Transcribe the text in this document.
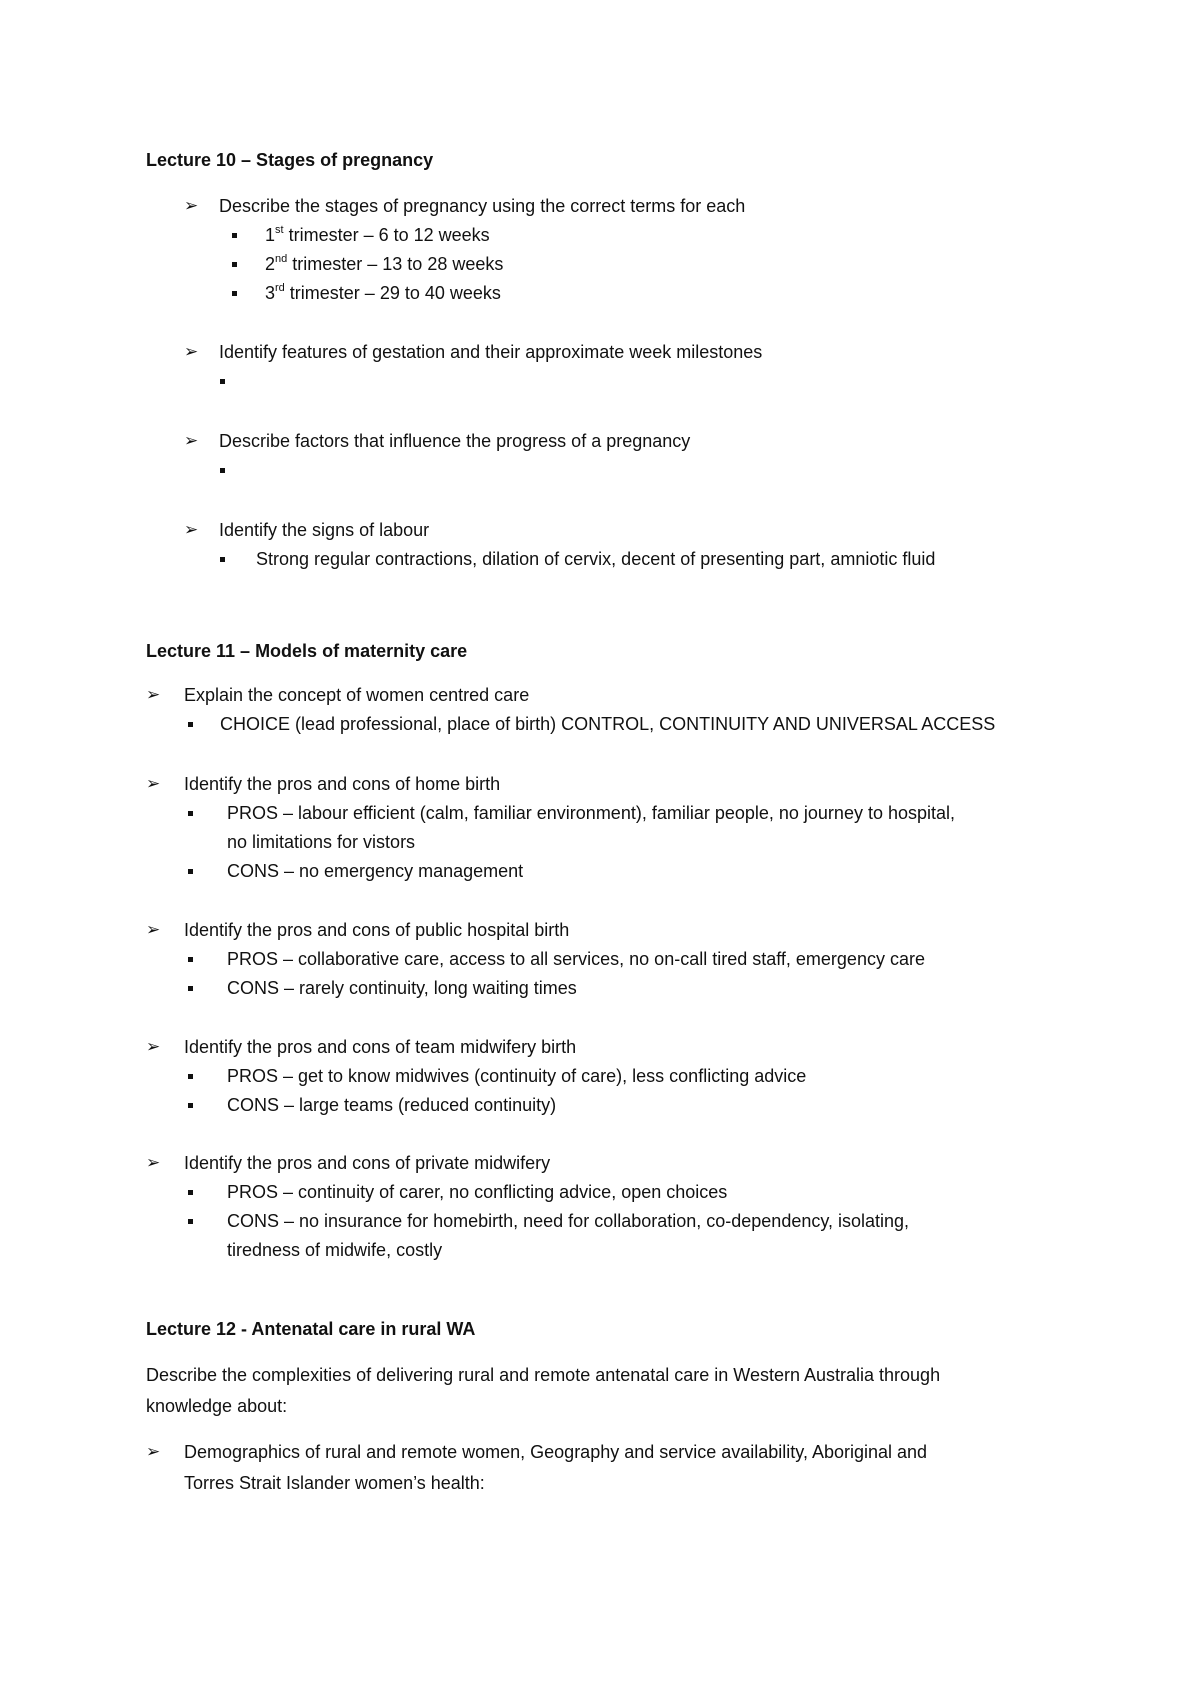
Lecture 10 – Stages of pregnancy
➢ Describe the stages of pregnancy using the correct terms for each
1st trimester – 6 to 12 weeks
2nd trimester – 13 to 28 weeks
3rd trimester – 29 to 40 weeks
➢ Identify features of gestation and their approximate week milestones
➢ Describe factors that influence the progress of a pregnancy
➢ Identify the signs of labour
Strong regular contractions, dilation of cervix, decent of presenting part, amniotic fluid
Lecture 11 – Models of maternity care
➢ Explain the concept of women centred care
CHOICE (lead professional, place of birth) CONTROL, CONTINUITY AND UNIVERSAL ACCESS
➢ Identify the pros and cons of home birth
PROS – labour efficient (calm, familiar environment), familiar people, no journey to hospital,
no limitations for vistors
CONS – no emergency management
➢ Identify the pros and cons of public hospital birth
PROS – collaborative care, access to all services, no on-call tired staff, emergency care
CONS – rarely continuity, long waiting times
➢ Identify the pros and cons of team midwifery birth
PROS – get to know midwives (continuity of care), less conflicting advice
CONS – large teams (reduced continuity)
➢ Identify the pros and cons of private midwifery
PROS – continuity of carer, no conflicting advice, open choices
CONS – no insurance for homebirth, need for collaboration, co-dependency, isolating,
tiredness of midwife, costly
Lecture 12 - Antenatal care in rural WA
Describe the complexities of delivering rural and remote antenatal care in Western Australia through
knowledge about:
➢ Demographics of rural and remote women, Geography and service availability, Aboriginal and
Torres Strait Islander women’s health:
